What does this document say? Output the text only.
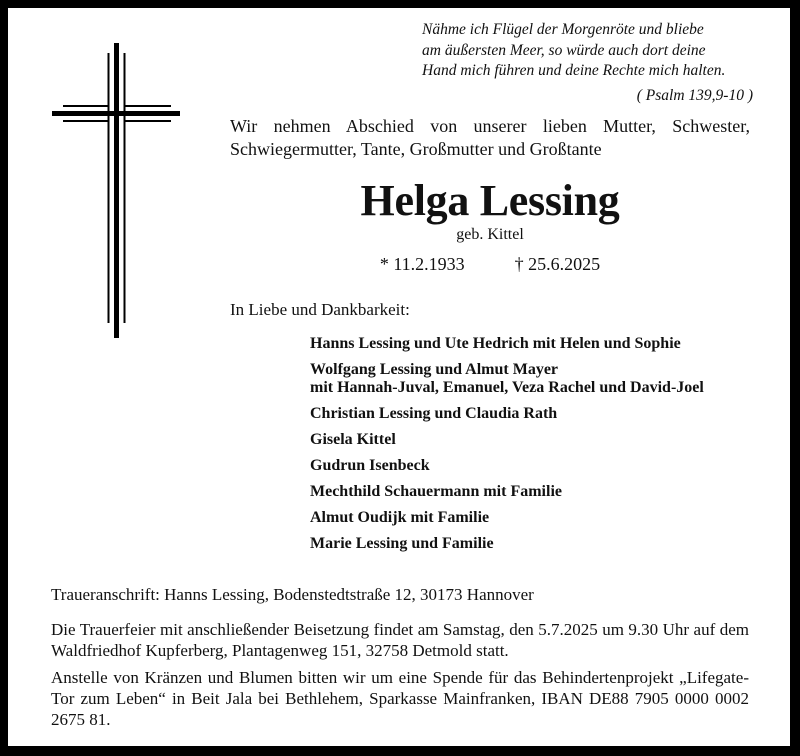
Nähme ich Flügel der Morgenröte und bliebe
am äußersten Meer, so würde auch dort deine
Hand mich führen und deine Rechte mich halten.
( Psalm 139,9-10 )
Wir nehmen Abschied von unserer lieben Mutter, Schwester,
Schwiegermutter, Tante, Großmutter und Großtante
Helga Lessing
geb. Kittel
* 11.2.1933	† 25.6.2025
In Liebe und Dankbarkeit:
Hanns Lessing und Ute Hedrich mit Helen und Sophie
Wolfgang Lessing und Almut Mayer
mit Hannah-Juval, Emanuel, Veza Rachel und David-Joel
Christian Lessing und Claudia Rath
Gisela Kittel
Gudrun Isenbeck
Mechthild Schauermann mit Familie
Almut Oudijk mit Familie
Marie Lessing und Familie
Traueranschrift: Hanns Lessing, Bodenstedtstraße 12, 30173 Hannover
Die Trauerfeier mit anschließender Beisetzung findet am Samstag, den 5.7.2025 um 9.30 Uhr auf dem Waldfriedhof Kupferberg, Plantagenweg 151, 32758 Detmold statt.
Anstelle von Kränzen und Blumen bitten wir um eine Spende für das Behindertenprojekt „Lifegate-Tor zum Leben“ in Beit Jala bei Bethlehem, Sparkasse Mainfranken, IBAN DE88 7905 0000 0002 2675 81.
